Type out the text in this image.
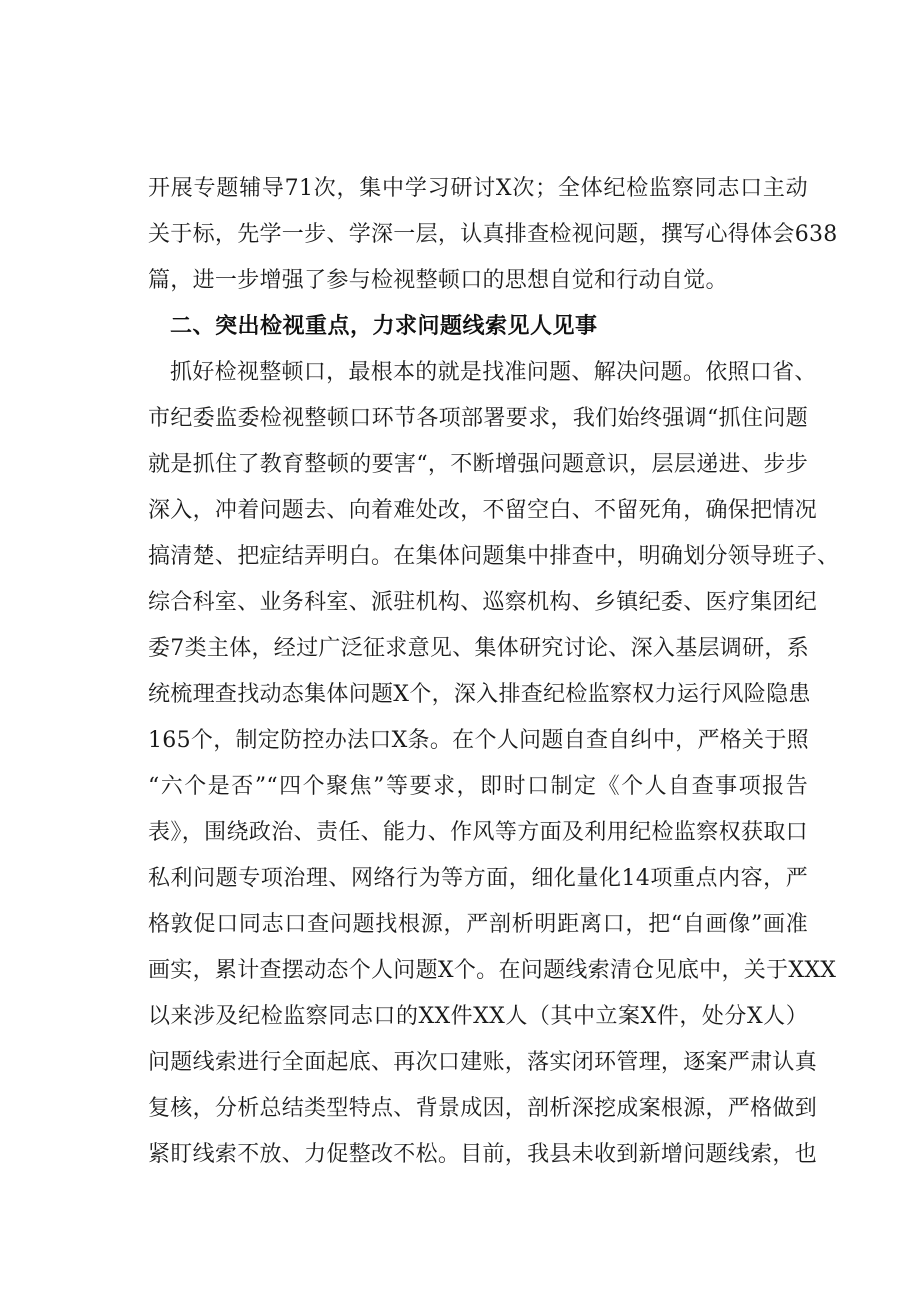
开展专题辅导71次，集中学习研讨X次；全体纪检监察同志口主动
关于标，先学一步、学深一层，认真排查检视问题，撰写心得体会638
篇，进一步增强了参与检视整顿口的思想自觉和行动自觉。
二、突出检视重点，力求问题线索见人见事
抓好检视整顿口，最根本的就是找准问题、解决问题。依照口省、
市纪委监委检视整顿口环节各项部署要求，我们始终强调“抓住问题
就是抓住了教育整顿的要害“，不断增强问题意识，层层递进、步步
深入，冲着问题去、向着难处改，不留空白、不留死角，确保把情况
搞清楚、把症结弄明白。在集体问题集中排查中，明确划分领导班子、
综合科室、业务科室、派驻机构、巡察机构、乡镇纪委、医疗集团纪
委7类主体，经过广泛征求意见、集体研究讨论、深入基层调研，系
统梳理查找动态集体问题X个，深入排查纪检监察权力运行风险隐患
165个，制定防控办法口X条。在个人问题自查自纠中，严格关于照
“六个是否”“四个聚焦”等要求，即时口制定《个人自查事项报告
表》，围绕政治、责任、能力、作风等方面及利用纪检监察权获取口
私利问题专项治理、网络行为等方面，细化量化14项重点内容，严
格敦促口同志口查问题找根源，严剖析明距离口，把“自画像”画准
画实，累计查摆动态个人问题X个。在问题线索清仓见底中，关于XXX
以来涉及纪检监察同志口的XX件XX人（其中立案X件，处分X人）
问题线索进行全面起底、再次口建账，落实闭环管理，逐案严肃认真
复核，分析总结类型特点、背景成因，剖析深挖成案根源，严格做到
紧盯线索不放、力促整改不松。目前，我县未收到新增问题线索，也
